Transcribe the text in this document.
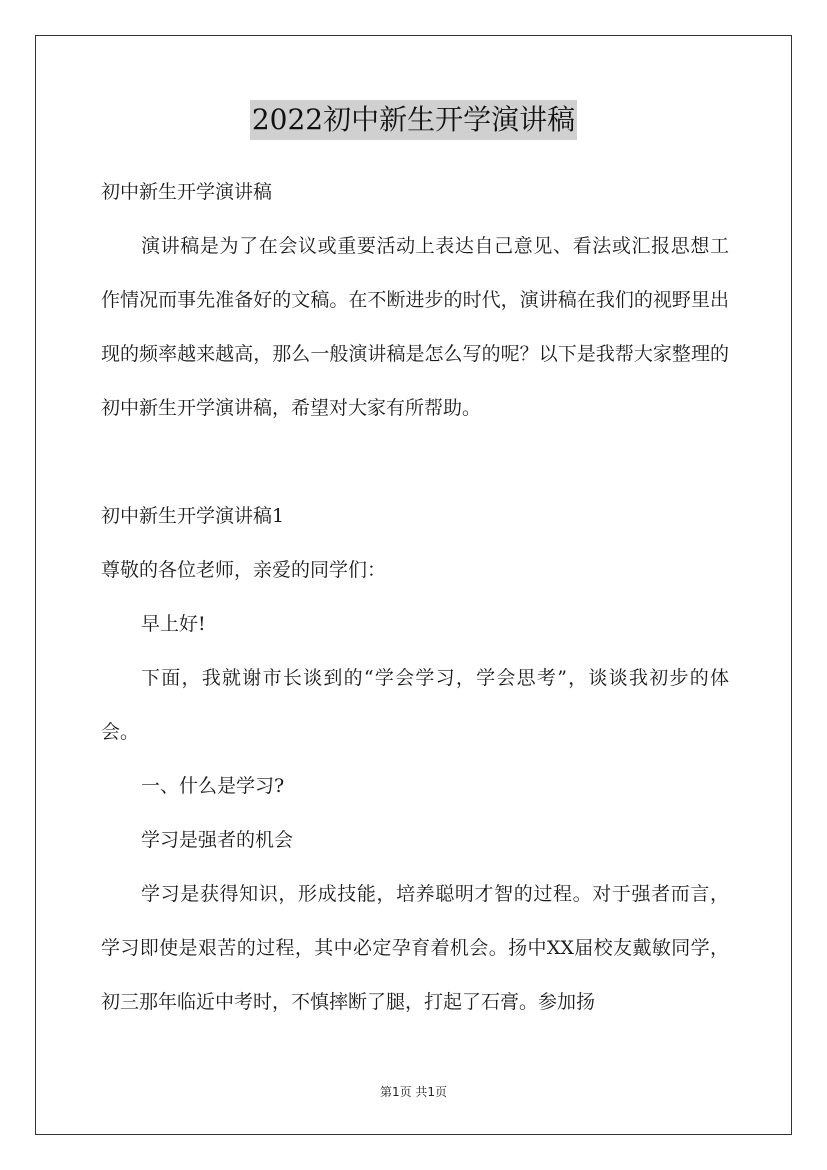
2022初中新生开学演讲稿

初中新生开学演讲稿

演讲稿是为了在会议或重要活动上表达自己意见、看法或汇报思想工作情况而事先准备好的文稿。在不断进步的时代，演讲稿在我们的视野里出现的频率越来越高，那么一般演讲稿是怎么写的呢？以下是我帮大家整理的初中新生开学演讲稿，希望对大家有所帮助。

初中新生开学演讲稿1

尊敬的各位老师，亲爱的同学们：

早上好!

下面，我就谢市长谈到的“学会学习，学会思考”，谈谈我初步的体会。

一、什么是学习?

学习是强者的机会

学习是获得知识，形成技能，培养聪明才智的过程。对于强者而言，学习即使是艰苦的过程，其中必定孕育着机会。扬中XX届校友戴敏同学，初三那年临近中考时，不慎摔断了腿，打起了石膏。参加扬

第1页 共1页
